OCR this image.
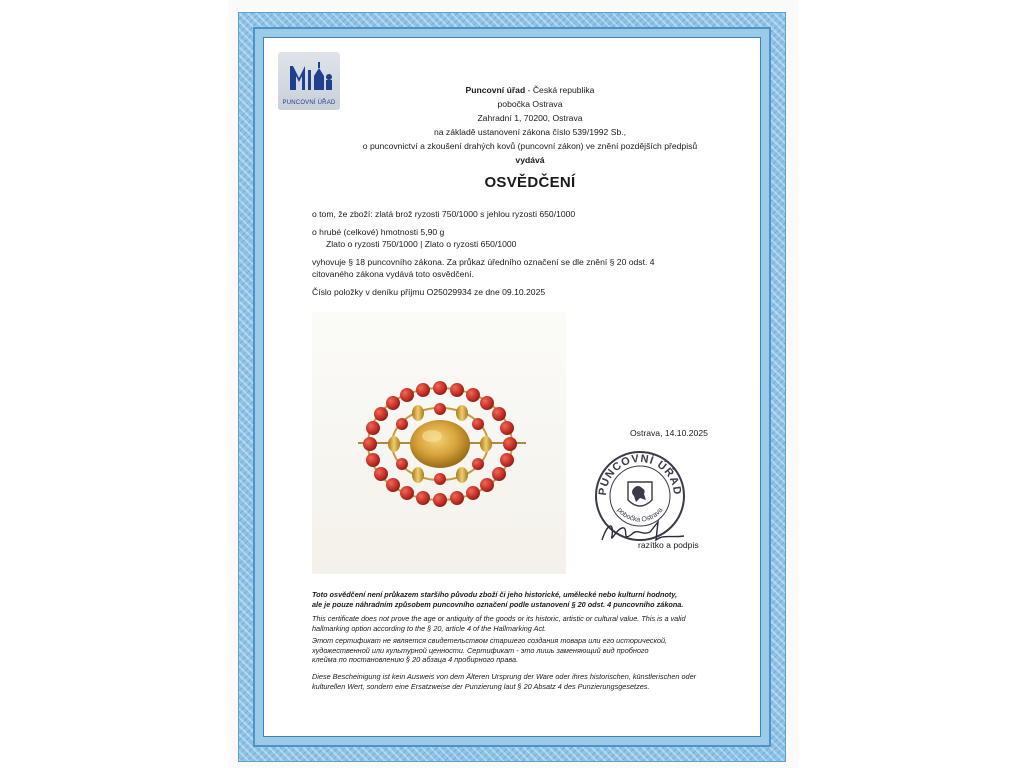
PUNCOVNÍ ÚŘAD
Puncovní úřad - Česká republika
pobočka Ostrava
Zahradní 1, 70200, Ostrava
na základě ustanovení zákona číslo 539/1992 Sb.,
o puncovnictví a zkoušení drahých kovů (puncovní zákon) ve znění pozdějších předpisů
vydává
OSVĚDČENÍ
o tom, že zboží: zlatá brož ryzosti 750/1000 s jehlou ryzosti 650/1000
o hrubé (celkové) hmotnosti 5,90 g
Zlato o ryzosti 750/1000 | Zlato o ryzosti 650/1000
vyhovuje § 18 puncovního zákona. Za průkaz úředního označení se dle znění § 20 odst. 4
citovaného zákona vydává toto osvědčení.
Číslo položky v deníku příjmu O25029934 ze dne 09.10.2025
Ostrava, 14.10.2025
PUNCOVNÍ ÚŘAD
pobočka Ostrava
razítko a podpis
Toto osvědčení není průkazem staršího původu zboží či jeho historické, umělecké nebo kulturní hodnoty,
ale je pouze náhradním způsobem puncovního označení podle ustanovení § 20 odst. 4 puncovního zákona.
This certificate does not prove the age or antiquity of the goods or its historic, artistic or cultural value. This is a valid
hallmarking option according to the § 20, article 4 of the Hallmarking Act.
Этот сертификат не является свидетельством старшего создания товара или его исторической,
художественной или культурной ценности. Сертификат - это лишь заменяющий вид пробного
клейма по постановлению § 20 абзаца 4 пробирного права.
Diese Bescheinigung ist kein Ausweis von dem Älteren Ursprung der Ware oder ihres historischen, künstlerischen oder
kulturellen Wert, sondern eine Ersatzweise der Punzierung laut § 20 Absatz 4 des Punzierungsgesetzes.
